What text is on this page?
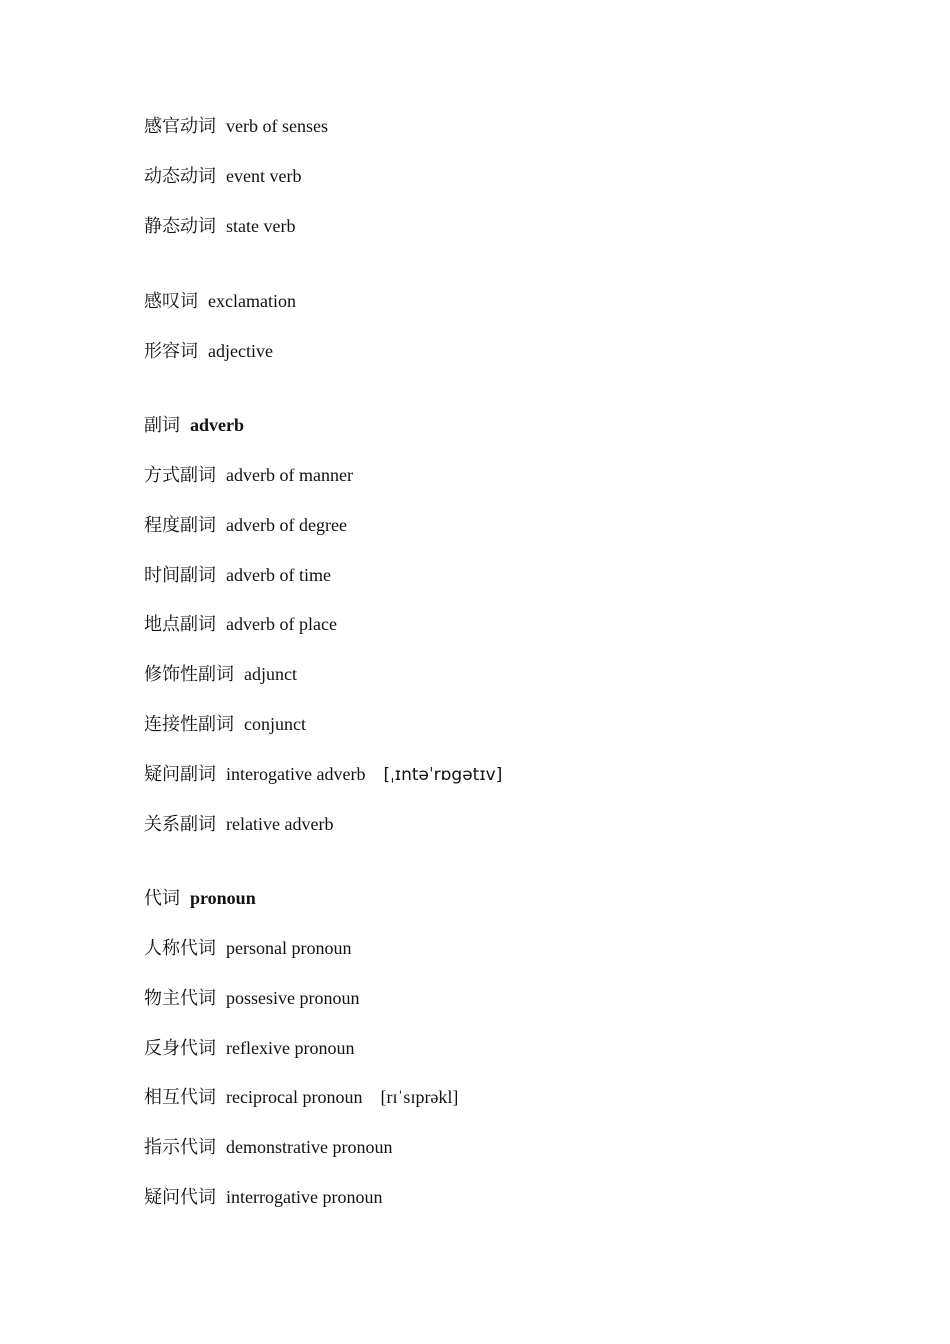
感官动词 verb of senses
动态动词 event verb
静态动词 state verb
感叹词 exclamation
形容词 adjective
副词 adverb
方式副词 adverb of manner
程度副词 adverb of degree
时间副词 adverb of time
地点副词 adverb of place
修饰性副词 adjunct
连接性副词 conjunct
疑问副词 interogative adverb [ˌɪntəˈrɒgətɪv]
关系副词 relative adverb
代词 pronoun
人称代词 personal pronoun
物主代词 possesive pronoun
反身代词 reflexive pronoun
相互代词 reciprocal pronoun [rɪˈsɪprəkl]
指示代词 demonstrative pronoun
疑问代词 interrogative pronoun
